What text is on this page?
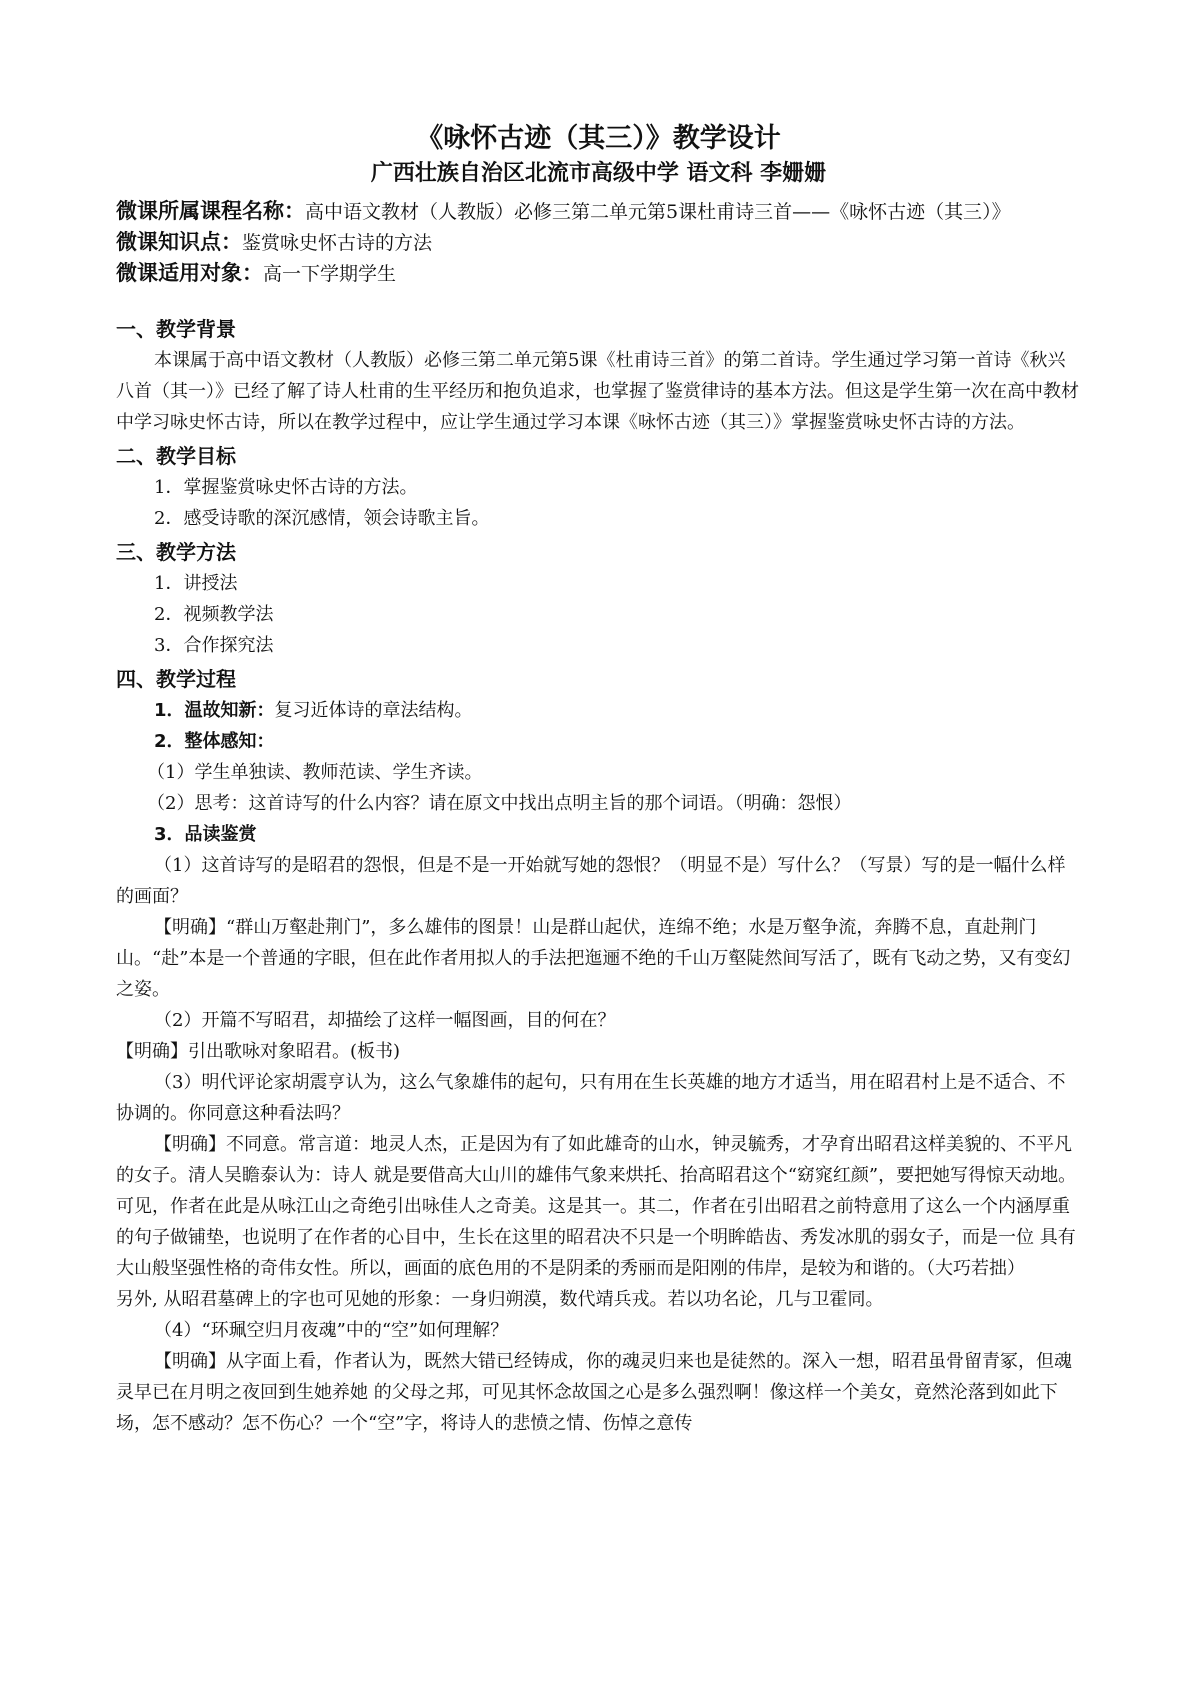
《咏怀古迹（其三）》教学设计
广西壮族自治区北流市高级中学 语文科 李姗姗

微课所属课程名称：高中语文教材（人教版）必修三第二单元第5课杜甫诗三首——《咏怀古迹（其三）》

微课知识点：鉴赏咏史怀古诗的方法

微课适用对象：高一下学期学生

一、教学背景

本课属于高中语文教材（人教版）必修三第二单元第5课《杜甫诗三首》的第二首诗。学生通过学习第一首诗《秋兴八首（其一）》已经了解了诗人杜甫的生平经历和抱负追求，也掌握了鉴赏律诗的基本方法。但这是学生第一次在高中教材中学习咏史怀古诗，所以在教学过程中，应让学生通过学习本课《咏怀古迹（其三）》掌握鉴赏咏史怀古诗的方法。

二、教学目标

1．掌握鉴赏咏史怀古诗的方法。

2．感受诗歌的深沉感情，领会诗歌主旨。

三、教学方法

1．讲授法

2．视频教学法

3．合作探究法

四、教学过程

1．温故知新：复习近体诗的章法结构。

2．整体感知：

（1）学生单独读、教师范读、学生齐读。

（2）思考：这首诗写的什么内容？请在原文中找出点明主旨的那个词语。（明确：怨恨）

3．品读鉴赏

（1）这首诗写的是昭君的怨恨，但是不是一开始就写她的怨恨？（明显不是）写什么？（写景）写的是一幅什么样的画面？

【明确】“群山万壑赴荆门”，多么雄伟的图景！山是群山起伏，连绵不绝；水是万壑争流，奔腾不息，直赴荆门山。“赴”本是一个普通的字眼，但在此作者用拟人的手法把迤逦不绝的千山万壑陡然间写活了，既有飞动之势，又有变幻之姿。

（2）开篇不写昭君，却描绘了这样一幅图画，目的何在？

【明确】引出歌咏对象昭君。(板书)

（3）明代评论家胡震亨认为，这么气象雄伟的起句，只有用在生长英雄的地方才适当，用在昭君村上是不适合、不协调的。你同意这种看法吗？

【明确】不同意。常言道：地灵人杰，正是因为有了如此雄奇的山水，钟灵毓秀，才孕育出昭君这样美貌的、不平凡的女子。清人吴瞻泰认为：诗人 就是要借高大山川的雄伟气象来烘托、抬高昭君这个“窈窕红颜”，要把她写得惊天动地。可见，作者在此是从咏江山之奇绝引出咏佳人之奇美。这是其一。其二，作者在引出昭君之前特意用了这么一个内涵厚重的句子做铺垫，也说明了在作者的心目中，生长在这里的昭君决不只是一个明眸皓齿、秀发冰肌的弱女子，而是一位 具有大山般坚强性格的奇伟女性。所以，画面的底色用的不是阴柔的秀丽而是阳刚的伟岸，是较为和谐的。（大巧若拙）

另外, 从昭君墓碑上的字也可见她的形象：一身归朔漠，数代靖兵戎。若以功名论，几与卫霍同。

（4）“环珮空归月夜魂”中的“空”如何理解？

【明确】从字面上看，作者认为，既然大错已经铸成，你的魂灵归来也是徒然的。深入一想，昭君虽骨留青冢，但魂灵早已在月明之夜回到生她养她 的父母之邦，可见其怀念故国之心是多么强烈啊！像这样一个美女，竟然沦落到如此下场，怎不感动？怎不伤心？一个“空”字，将诗人的悲愤之情、伤悼之意传
